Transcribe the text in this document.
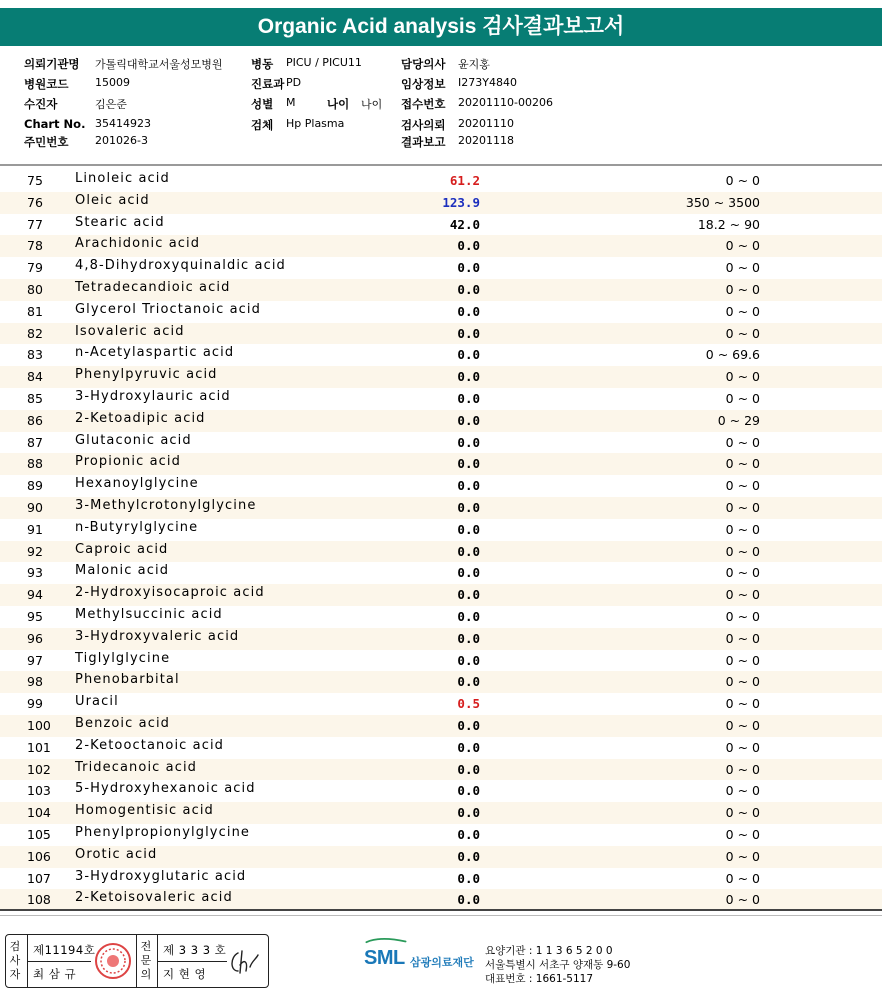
Organic Acid analysis 검사결과보고서
의뢰기관명 가톨릭대학교서울성모병원 병동 PICU / PICU11	담당의사 윤지홍
병원코드 15009	진료과 PD	임상정보 I273Y4840
수진자	김은준	성별 M	나이 나이 접수번호 20201110-00206
Chart No. 35414923	검체 Hp Plasma	검사의뢰 20201110
주민번호 201026-3	결과보고 20201118
75 Linoleic acid	61.2	0 ~ 0
76 Oleic acid	123.9	350 ~ 3500
77 Stearic acid	42.0	18.2 ~ 90
78 Arachidonic acid	0.0	0 ~ 0
79 4,8-Dihydroxyquinaldic acid	0.0	0 ~ 0
80 Tetradecandioic acid	0.0	0 ~ 0
81 Glycerol Trioctanoic acid	0.0	0 ~ 0
82 Isovaleric acid	0.0	0 ~ 0
83 n-Acetylaspartic acid	0.0	0 ~ 69.6
84 Phenylpyruvic acid	0.0	0 ~ 0
85 3-Hydroxylauric acid	0.0	0 ~ 0
86 2-Ketoadipic acid	0.0	0 ~ 29
87 Glutaconic acid	0.0	0 ~ 0
88 Propionic acid	0.0	0 ~ 0
89 Hexanoylglycine	0.0	0 ~ 0
90 3-Methylcrotonylglycine	0.0	0 ~ 0
91 n-Butyrylglycine	0.0	0 ~ 0
92 Caproic acid	0.0	0 ~ 0
93 Malonic acid	0.0	0 ~ 0
94 2-Hydroxyisocaproic acid	0.0	0 ~ 0
95 Methylsuccinic acid	0.0	0 ~ 0
96 3-Hydroxyvaleric acid	0.0	0 ~ 0
97 Tiglylglycine	0.0	0 ~ 0
98 Phenobarbital	0.0	0 ~ 0
99 Uracil	0.5	0 ~ 0
100 Benzoic acid	0.0	0 ~ 0
101 2-Ketooctanoic acid	0.0	0 ~ 0
102 Tridecanoic acid	0.0	0 ~ 0
103 5-Hydroxyhexanoic acid	0.0	0 ~ 0
104 Homogentisic acid	0.0	0 ~ 0
105 Phenylpropionylglycine	0.0	0 ~ 0
106 Orotic acid	0.0	0 ~ 0
107 3-Hydroxyglutaric acid	0.0	0 ~ 0
108 2-Ketoisovaleric acid	0.0	0 ~ 0
검사자
제11194호
최 삼 규
전문의
제 3 3 3 호
지 현 영
SML 삼광의료재단
요양기관 : 1 1 3 6 5 2 0 0
서울특별시 서초구 양재동 9-60
대표번호 : 1661-5117
